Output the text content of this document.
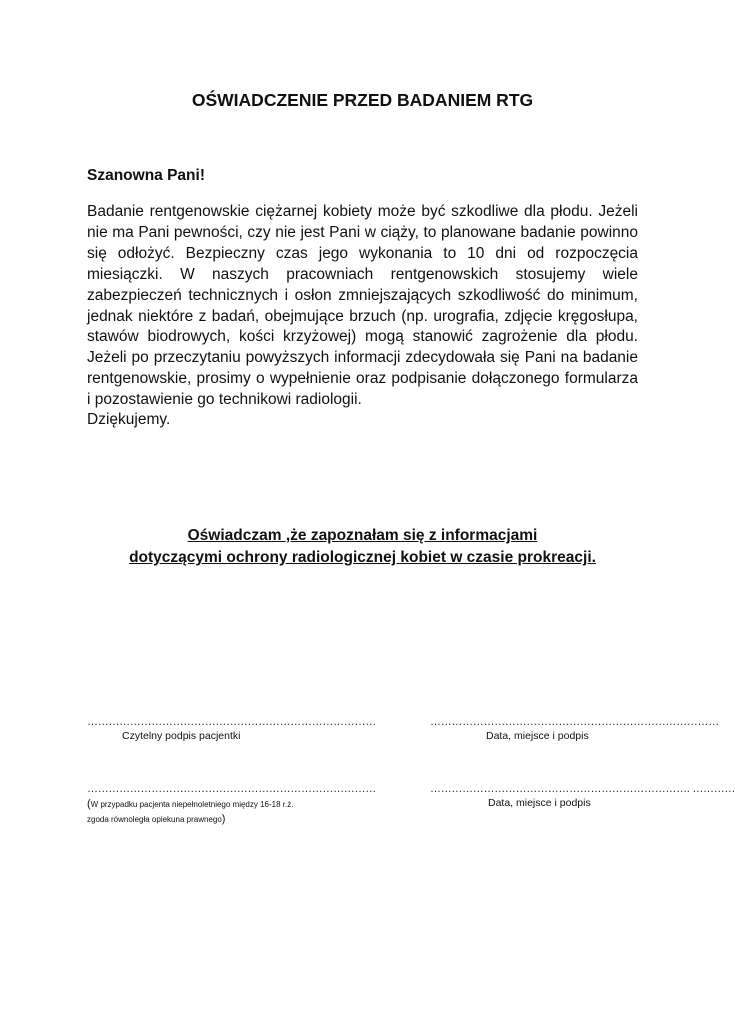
OŚWIADCZENIE PRZED BADANIEM RTG
Szanowna Pani!
Badanie rentgenowskie ciężarnej kobiety może być szkodliwe dla płodu. Jeżeli nie ma Pani pewności, czy nie jest Pani w ciąży, to planowane badanie powinno się odłożyć. Bezpieczny czas jego wykonania to 10 dni od rozpoczęcia miesiączki. W naszych pracowniach rentgenowskich stosujemy wiele zabezpieczeń technicznych i osłon zmniejszających szkodliwość do minimum, jednak niektóre z badań, obejmujące brzuch (np. urografia, zdjęcie kręgosłupa, stawów biodrowych, kości krzyżowej) mogą stanowić zagrożenie dla płodu. Jeżeli po przeczytaniu powyższych informacji zdecydowała się Pani na badanie rentgenowskie, prosimy o wypełnienie oraz podpisanie dołączonego formularza i pozostawienie go technikowi radiologii.
Dziękujemy.
Oświadczam ,że zapoznałam się z informacjami
dotyczącymi ochrony radiologicznej kobiet w czasie prokreacji.
………………………………………………………………………
Czytelny podpis pacjentki
………………………………………………………………………
Data, miejsce i podpis
………………………………………………………………………
(W przypadku pacjenta niepełnoletniego między 16-18 r.ż.
zgoda równoległa opiekuna prawnego)
………………………………………………………………. …………
Data, miejsce i podpis
